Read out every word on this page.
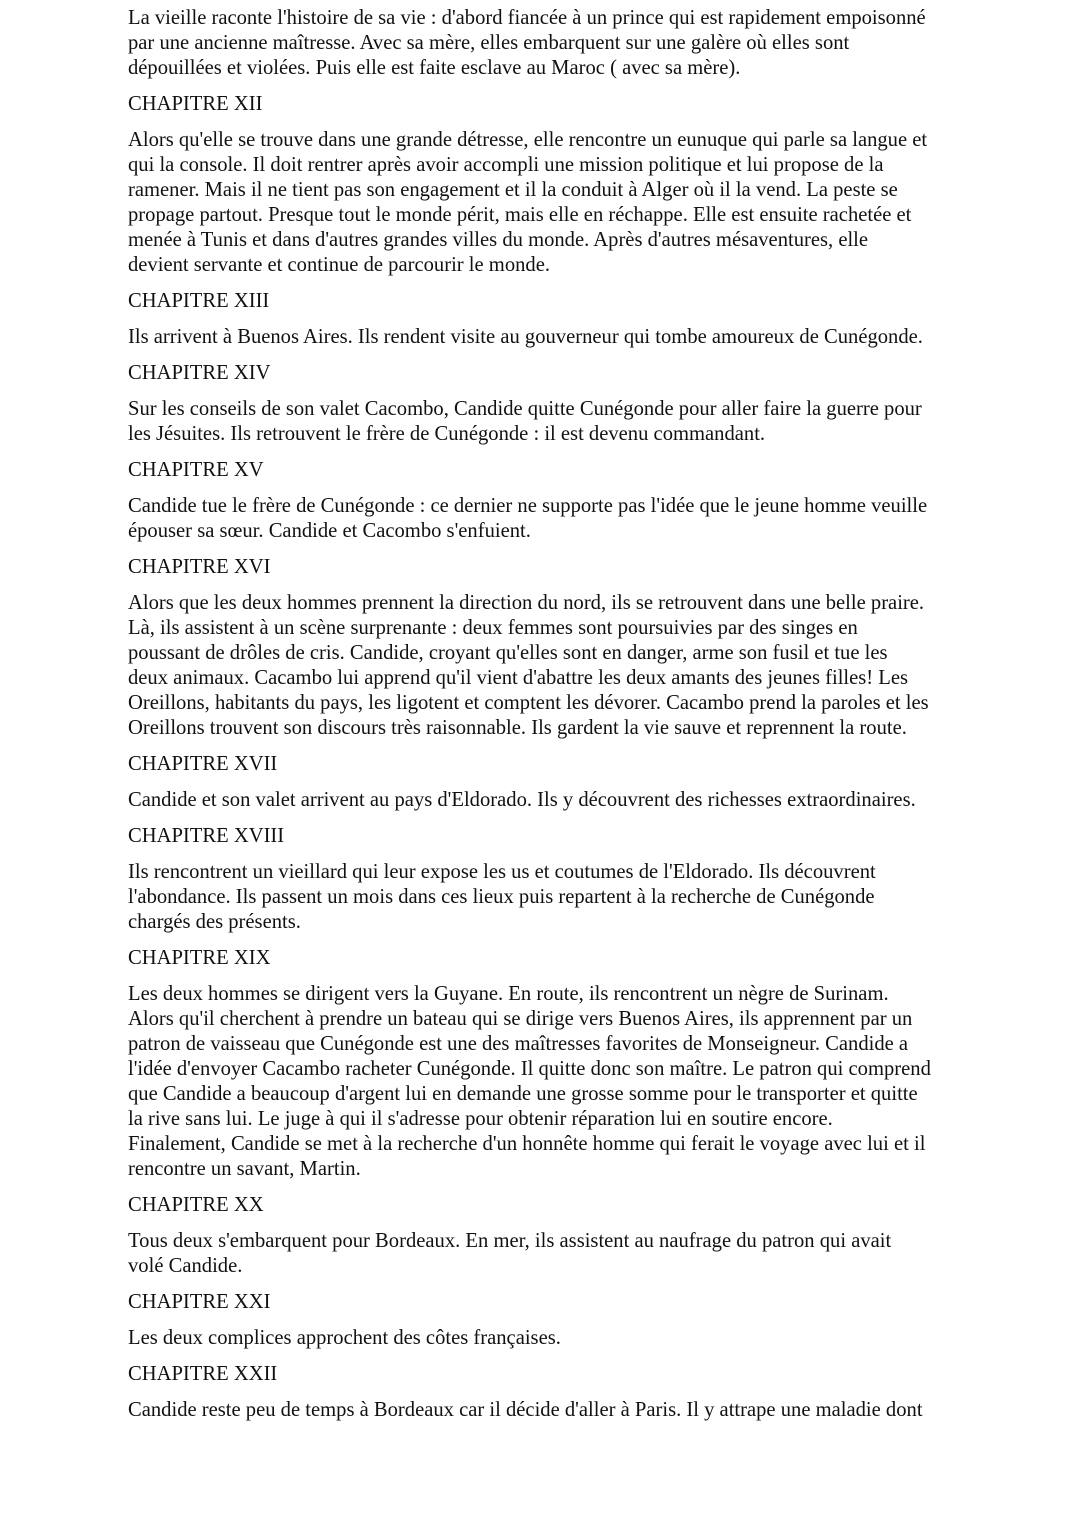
La vieille raconte l'histoire de sa vie : d'abord fiancée à un prince qui est rapidement empoisonné
par une ancienne maîtresse. Avec sa mère, elles embarquent sur une galère où elles sont
dépouillées et violées. Puis elle est faite esclave au Maroc ( avec sa mère).
CHAPITRE XII
Alors qu'elle se trouve dans une grande détresse, elle rencontre un eunuque qui parle sa langue et
qui la console. Il doit rentrer après avoir accompli une mission politique et lui propose de la
ramener. Mais il ne tient pas son engagement et il la conduit à Alger où il la vend. La peste se
propage partout. Presque tout le monde périt, mais elle en réchappe. Elle est ensuite rachetée et
menée à Tunis et dans d'autres grandes villes du monde. Après d'autres mésaventures, elle
devient servante et continue de parcourir le monde.
CHAPITRE XIII
Ils arrivent à Buenos Aires. Ils rendent visite au gouverneur qui tombe amoureux de Cunégonde.
CHAPITRE XIV
Sur les conseils de son valet Cacombo, Candide quitte Cunégonde pour aller faire la guerre pour
les Jésuites. Ils retrouvent le frère de Cunégonde : il est devenu commandant.
CHAPITRE XV
Candide tue le frère de Cunégonde : ce dernier ne supporte pas l'idée que le jeune homme veuille
épouser sa sœur. Candide et Cacombo s'enfuient.
CHAPITRE XVI
Alors que les deux hommes prennent la direction du nord, ils se retrouvent dans une belle praire.
Là, ils assistent à un scène surprenante : deux femmes sont poursuivies par des singes en
poussant de drôles de cris. Candide, croyant qu'elles sont en danger, arme son fusil et tue les
deux animaux. Cacambo lui apprend qu'il vient d'abattre les deux amants des jeunes filles! Les
Oreillons, habitants du pays, les ligotent et comptent les dévorer. Cacambo prend la paroles et les
Oreillons trouvent son discours très raisonnable. Ils gardent la vie sauve et reprennent la route.
CHAPITRE XVII
Candide et son valet arrivent au pays d'Eldorado. Ils y découvrent des richesses extraordinaires.
CHAPITRE XVIII
Ils rencontrent un vieillard qui leur expose les us et coutumes de l'Eldorado. Ils découvrent
l'abondance. Ils passent un mois dans ces lieux puis repartent à la recherche de Cunégonde
chargés des présents.
CHAPITRE XIX
Les deux hommes se dirigent vers la Guyane. En route, ils rencontrent un nègre de Surinam.
Alors qu'il cherchent à prendre un bateau qui se dirige vers Buenos Aires, ils apprennent par un
patron de vaisseau que Cunégonde est une des maîtresses favorites de Monseigneur. Candide a
l'idée d'envoyer Cacambo racheter Cunégonde. Il quitte donc son maître. Le patron qui comprend
que Candide a beaucoup d'argent lui en demande une grosse somme pour le transporter et quitte
la rive sans lui. Le juge à qui il s'adresse pour obtenir réparation lui en soutire encore.
Finalement, Candide se met à la recherche d'un honnête homme qui ferait le voyage avec lui et il
rencontre un savant, Martin.
CHAPITRE XX
Tous deux s'embarquent pour Bordeaux. En mer, ils assistent au naufrage du patron qui avait
volé Candide.
CHAPITRE XXI
Les deux complices approchent des côtes françaises.
CHAPITRE XXII
Candide reste peu de temps à Bordeaux car il décide d'aller à Paris. Il y attrape une maladie dont
